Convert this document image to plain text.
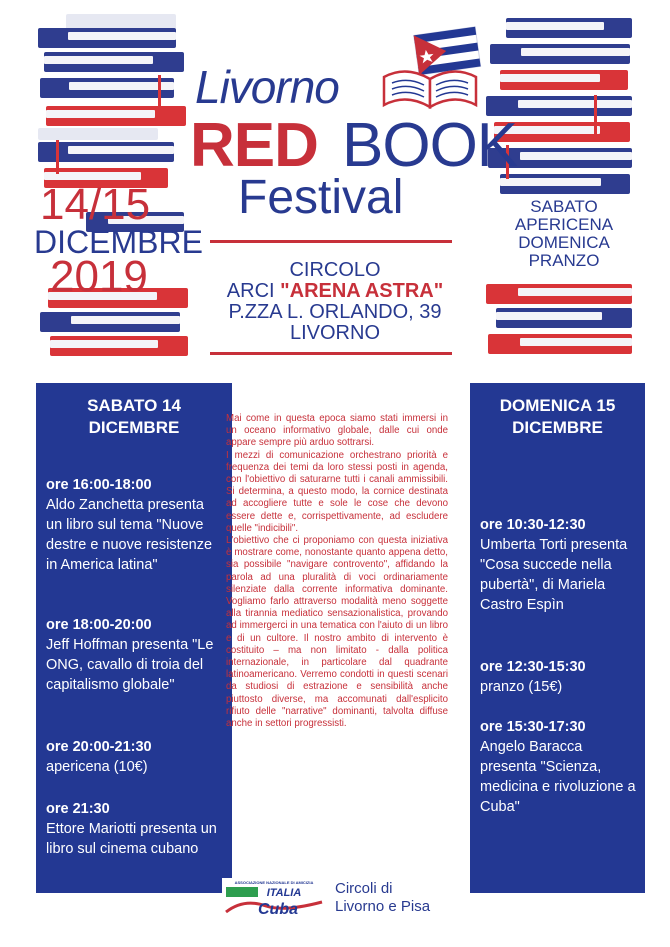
Livorno
RED BOOK
Festival
14/15
DICEMBRE
2019	CIRCOLO
ARCI "ARENA ASTRA"
P.ZZA L. ORLANDO, 39
LIVORNO
SABATO
APERICENA
DOMENICA
PRANZO
SABATO 14
DICEMBRE
ore 16:00-18:00
Aldo Zanchetta presenta un libro sul tema "Nuove destre e nuove resistenze in America latina"
ore 18:00-20:00
Jeff Hoffman presenta "Le ONG, cavallo di troia del capitalismo globale"
ore 20:00-21:30
apericena (10€)
ore 21:30
Ettore Mariotti presenta un libro sul cinema cubano

Mai come in questa epoca siamo stati immersi in un oceano informativo globale, dalle cui onde appare sempre più arduo sottrarsi.

I mezzi di comunicazione orchestrano priorità e frequenza dei temi da loro stessi posti in agenda, con l'obiettivo di saturarne tutti i canali ammissibili. Si determina, a questo modo, la cornice destinata ad accogliere tutte e sole le cose che devono essere dette e, corrispettivamente, ad escludere quelle "indicibili".

L'obiettivo che ci proponiamo con questa iniziativa è mostrare come, nonostante quanto appena detto, sia possibile "navigare controvento", affidando la parola ad una pluralità di voci ordinariamente silenziate dalla corrente informativa dominante. Vogliamo farlo attraverso modalità meno soggette alla tirannia mediatico sensazionalistica, provando ad immergerci in una tematica con l'aiuto di un libro e di un cultore. Il nostro ambito di intervento è costituito – ma non limitato - dalla politica internazionale, in particolare dal quadrante latinoamericano. Verremo condotti in questi scenari da studiosi di estrazione e sensibilità anche piuttosto diverse, ma accomunati dall'esplicito rifiuto delle "narrative" dominanti, talvolta diffuse anche in settori progressisti.

DOMENICA 15
DICEMBRE
ore 10:30-12:30
Umberta Torti presenta "Cosa succede nella pubertà", di Mariela Castro Espìn
ore 12:30-15:30
pranzo (15€)
ore 15:30-17:30
Angelo Baracca presenta "Scienza, medicina e rivoluzione a Cuba"
ASSOCIAZIONE NAZIONALE DI AMICIZIA
ITALIA
Cuba
Circoli di
Livorno e Pisa
